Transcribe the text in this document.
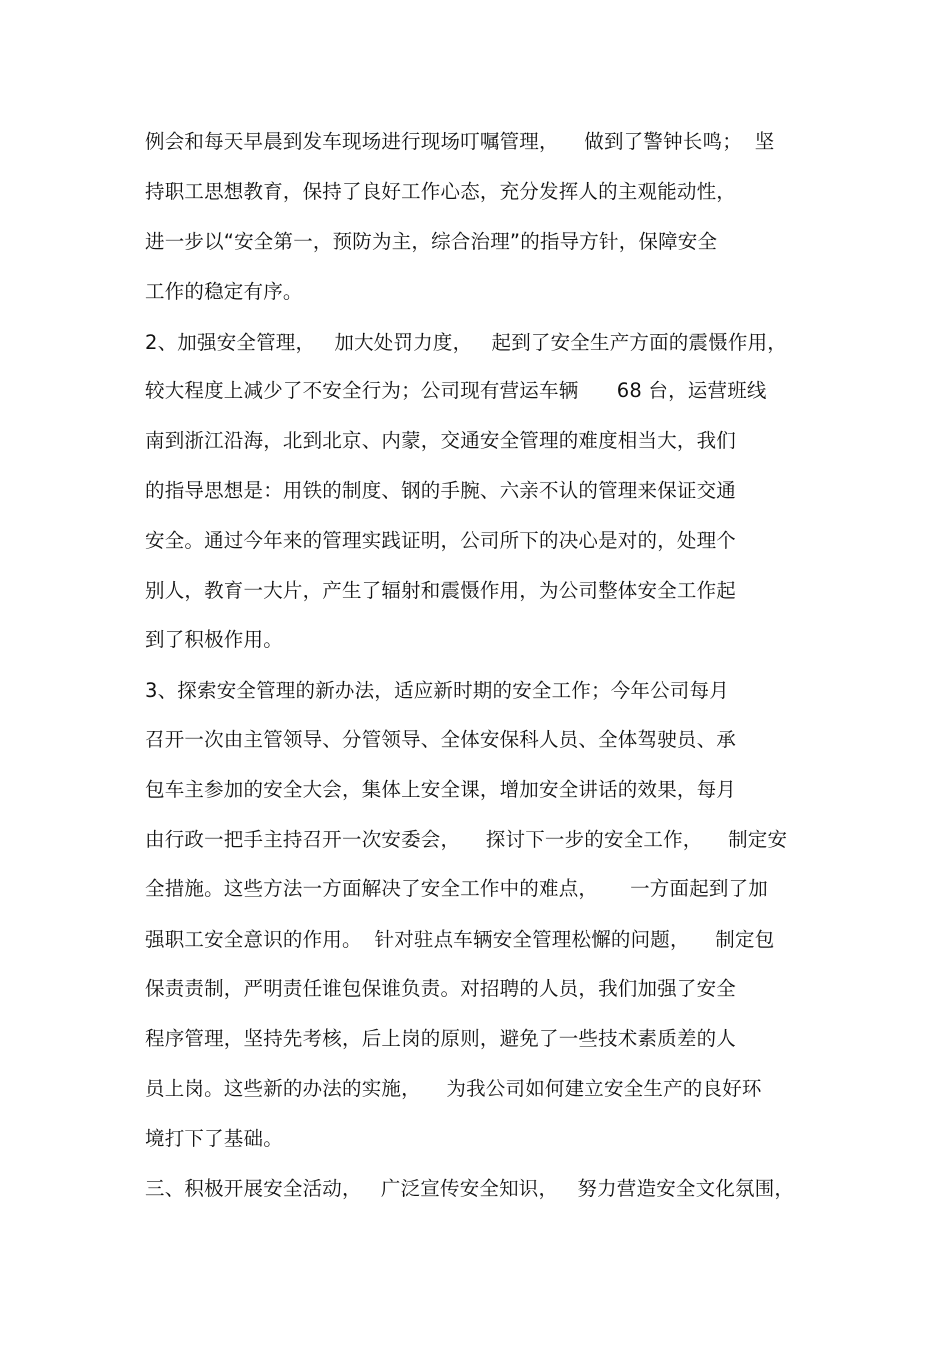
例会和每天早晨到发车现场进行现场叮嘱管理，    做到了警钟长鸣；  坚
持职工思想教育，保持了良好工作心态，充分发挥人的主观能动性，
进一步以“安全第一，预防为主，综合治理”的指导方针，保障安全
工作的稳定有序。
2、加强安全管理，   加大处罚力度，   起到了安全生产方面的震慑作用，
较大程度上减少了不安全行为；公司现有营运车辆      68 台，运营班线
南到浙江沿海，北到北京、内蒙，交通安全管理的难度相当大，我们
的指导思想是：用铁的制度、钢的手腕、六亲不认的管理来保证交通
安全。通过今年来的管理实践证明，公司所下的决心是对的，处理个
别人，教育一大片，产生了辐射和震慑作用，为公司整体安全工作起
到了积极作用。
3、探索安全管理的新办法，适应新时期的安全工作；今年公司每月
召开一次由主管领导、分管领导、全体安保科人员、全体驾驶员、承
包车主参加的安全大会，集体上安全课，增加安全讲话的效果，每月
由行政一把手主持召开一次安委会，    探讨下一步的安全工作，    制定安
全措施。这些方法一方面解决了安全工作中的难点，     一方面起到了加
强职工安全意识的作用。  针对驻点车辆安全管理松懈的问题，    制定包
保责责制，严明责任谁包保谁负责。对招聘的人员，我们加强了安全
程序管理，坚持先考核，后上岗的原则，避免了一些技术素质差的人
员上岗。这些新的办法的实施，    为我公司如何建立安全生产的良好环
境打下了基础。
三、积极开展安全活动，   广泛宣传安全知识，   努力营造安全文化氛围，
